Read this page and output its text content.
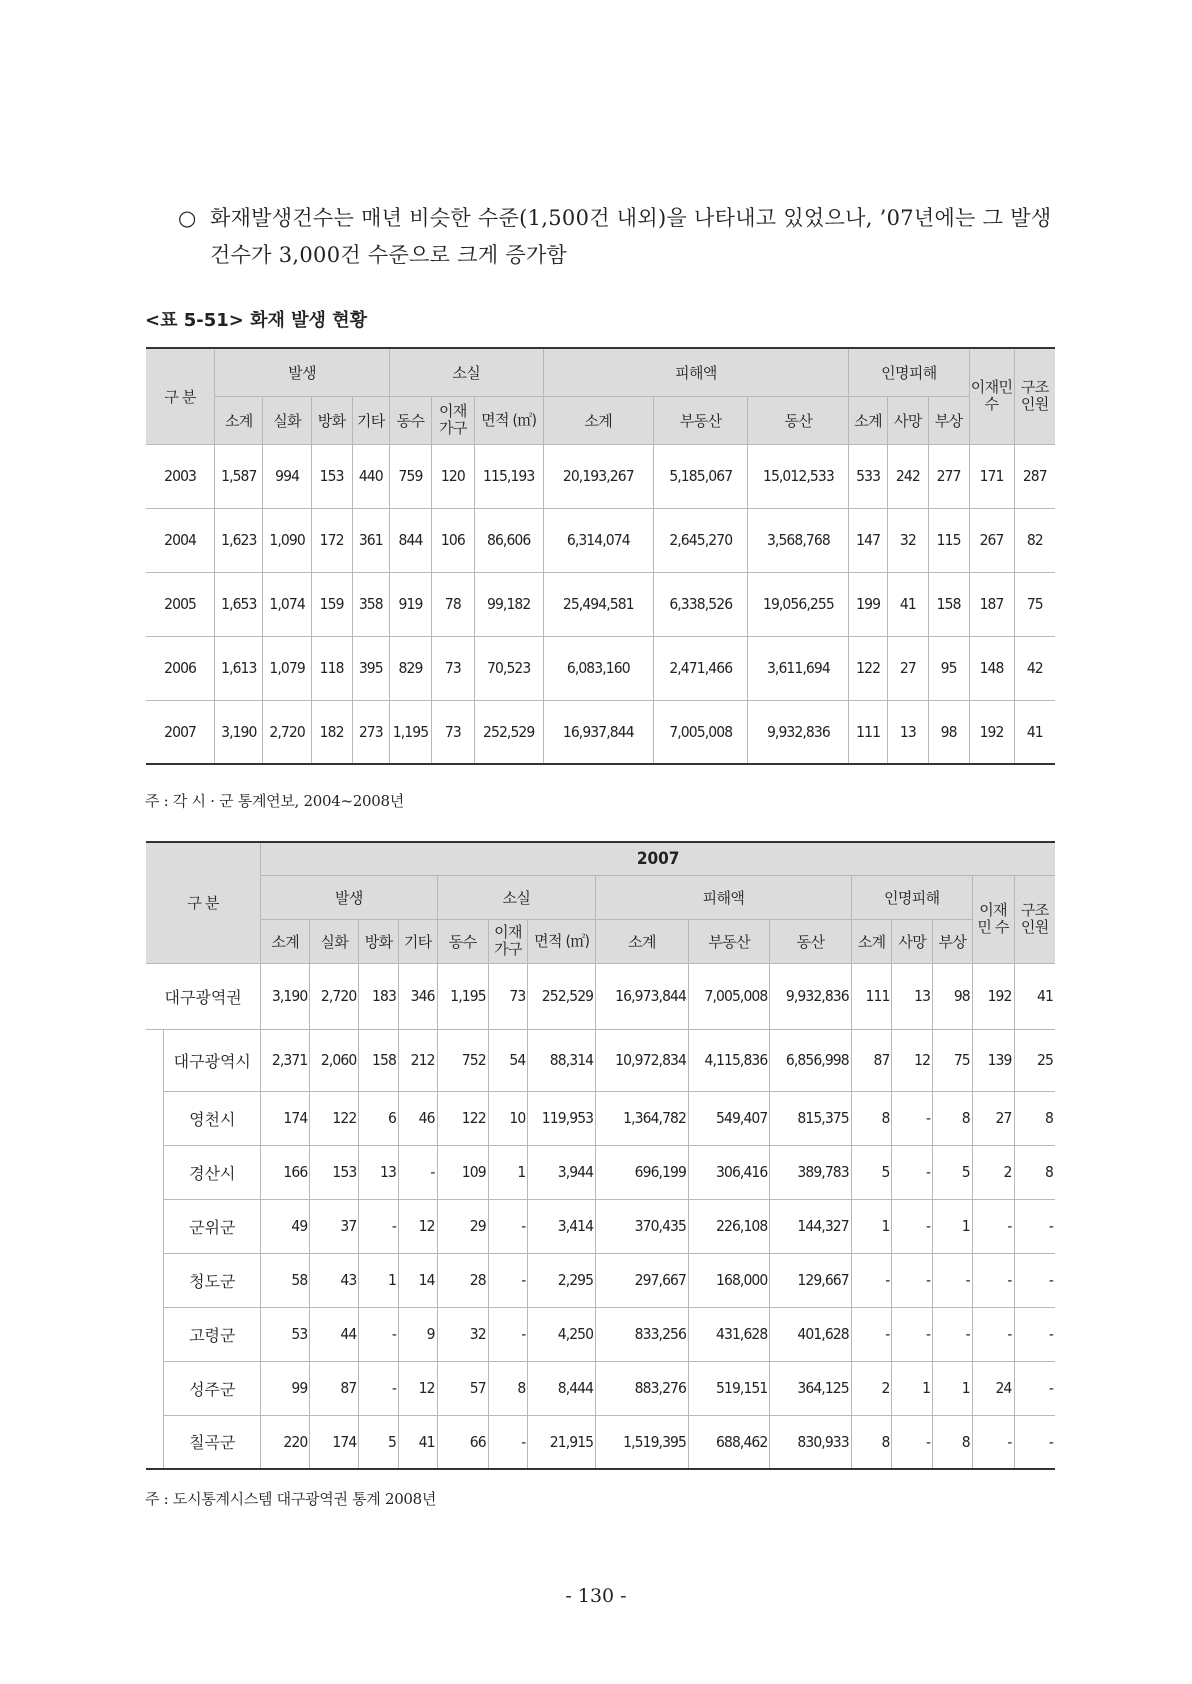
○ 화재발생건수는 매년 비슷한 수준(1,500건 내외)을 나타내고 있었으나, ’07년에는 그 발생건수가 3,000건 수준으로 크게 증가함
<표 5-51> 화재 발생 현황
구 분	발생				소실			피해액			인명피해			이재민 수	구조 인원
	소계	실화	방화	기타	동수	이재 가구	면적 (㎡)	소계	부동산	동산	소계	사망	부상		
2003	1,587	994	153	440	759	120	115,193	20,193,267	5,185,067	15,012,533	533	242	277	171	287
2004	1,623	1,090	172	361	844	106	86,606	6,314,074	2,645,270	3,568,768	147	32	115	267	82
2005	1,653	1,074	159	358	919	78	99,182	25,494,581	6,338,526	19,056,255	199	41	158	187	75
2006	1,613	1,079	118	395	829	73	70,523	6,083,160	2,471,466	3,611,694	122	27	95	148	42
2007	3,190	2,720	182	273	1,195	73	252,529	16,937,844	7,005,008	9,932,836	111	13	98	192	41
주 : 각 시 · 군 통계연보, 2004~2008년
구 분		2007														
		발생				소실			피해액			인명피해			이재민 수	구조 인원
		소계	실화	방화	기타	동수	이재 가구	면적 (㎡)	소계	부동산	동산	소계	사망	부상		
대구광역권		3,190	2,720	183	346	1,195	73	252,529	16,973,844	7,005,008	9,932,836	111	13	98	192	41
	대구광역시	2,371	2,060	158	212	752	54	88,314	10,972,834	4,115,836	6,856,998	87	12	75	139	25
	영천시	174	122	6	46	122	10	119,953	1,364,782	549,407	815,375	8	-	8	27	8
	경산시	166	153	13	-	109	1	3,944	696,199	306,416	389,783	5	-	5	2	8
	군위군	49	37	-	12	29	-	3,414	370,435	226,108	144,327	1	-	1	-	-
	청도군	58	43	1	14	28	-	2,295	297,667	168,000	129,667	-	-	-	-	-
	고령군	53	44	-	9	32	-	4,250	833,256	431,628	401,628	-	-	-	-	-
	성주군	99	87	-	12	57	8	8,444	883,276	519,151	364,125	2	1	1	24	-
	칠곡군	220	174	5	41	66	-	21,915	1,519,395	688,462	830,933	8	-	8	-	-
주 : 도시통계시스템 대구광역권 통계 2008년
- 130 -
